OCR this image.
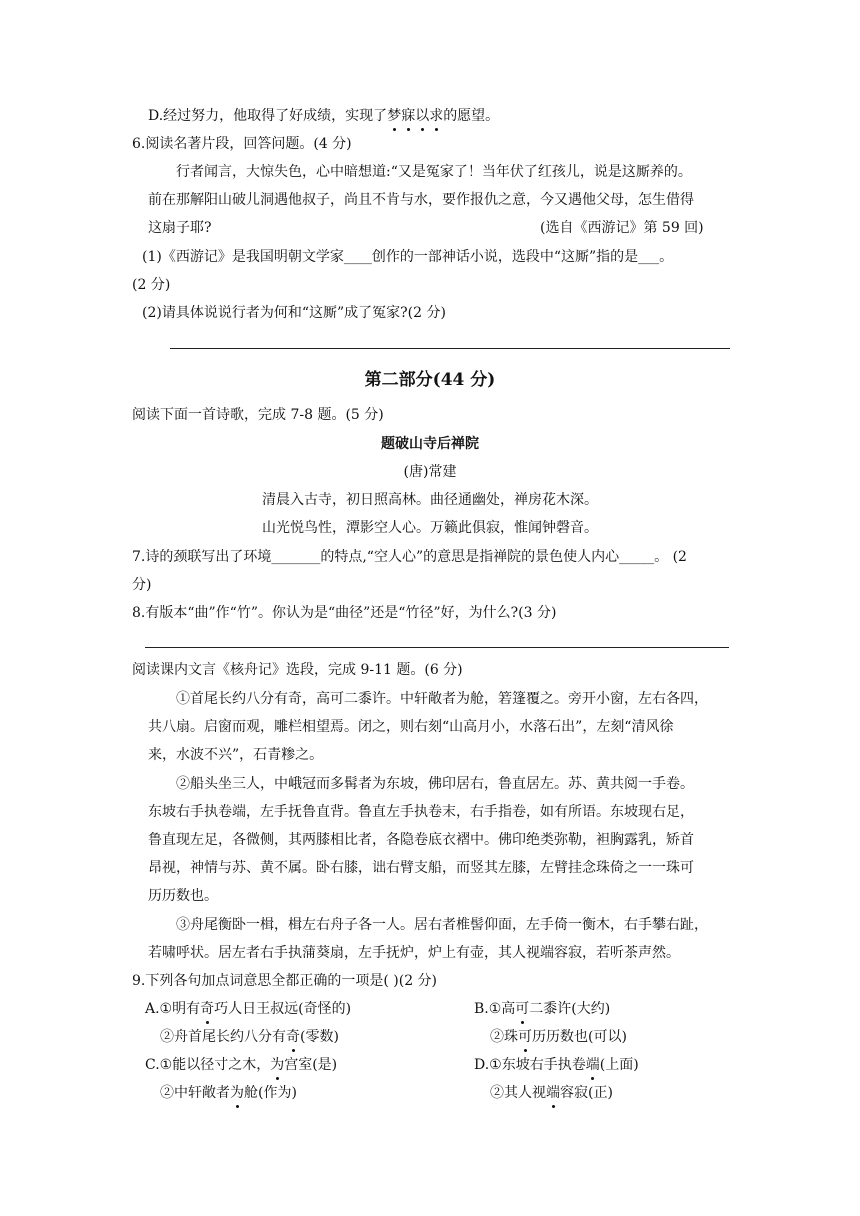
D.经过努力，他取得了好成绩，实现了梦寐以求的愿望。
6.阅读名著片段，回答问题。(4 分)
行者闻言，大惊失色，心中暗想道:“又是冤家了！当年伏了红孩儿，说是这厮养的。
前在那解阳山破儿洞遇他叔子，尚且不肯与水，要作报仇之意，今又遇他父母，怎生借得
这扇子耶?	(选自《西游记》第 59 回)
(1)《西游记》是我国明朝文学家____创作的一部神话小说，选段中“这厮”指的是___。
(2 分)
(2)请具体说说行者为何和“这厮”成了冤家?(2 分)
第二部分(44 分)
阅读下面一首诗歌，完成 7-8 题。(5 分)
题破山寺后禅院
(唐)常建
清晨入古寺，初日照高林。曲径通幽处，禅房花木深。
山光悦鸟性，潭影空人心。万籁此俱寂，惟闻钟磬音。
7.诗的颈联写出了环境_______的特点,“空人心”的意思是指禅院的景色使人内心_____。 (2
分)
8.有版本“曲”作“竹”。你认为是“曲径”还是“竹径”好，为什么?(3 分)
阅读课内文言《核舟记》选段，完成 9-11 题。(6 分)
①首尾长约八分有奇，高可二黍许。中轩敞者为舱，箬篷覆之。旁开小窗，左右各四，
共八扇。启窗而观，雕栏相望焉。闭之，则右刻“山高月小，水落石出”，左刻“清风徐
来，水波不兴”，石青糁之。
②船头坐三人，中峨冠而多髯者为东坡，佛印居右，鲁直居左。苏、黄共阅一手卷。
东坡右手执卷端，左手抚鲁直背。鲁直左手执卷末，右手指卷，如有所语。东坡现右足，
鲁直现左足，各微侧，其两膝相比者，各隐卷底衣褶中。佛印绝类弥勒，袒胸露乳，矫首
昂视，神情与苏、黄不属。卧右膝，诎右臂支船，而竖其左膝，左臂挂念珠倚之一一珠可
历历数也。
③舟尾衡卧一楫，楫左右舟子各一人。居右者椎髻仰面，左手倚一衡木，右手攀右趾，
若啸呼状。居左者右手执蒲葵扇，左手抚炉，炉上有壶，其人视端容寂，若听茶声然。
9.下列各句加点词意思全都正确的一项是( )(2 分)
A.①明有奇巧人日王叔远(奇怪的)	B.①高可二黍许(大约)
②舟首尾长约八分有奇(零数)	②珠可历历数也(可以)
C.①能以径寸之木，为宫室(是)	D.①东坡右手执卷端(上面)
②中轩敞者为舱(作为)	②其人视端容寂(正)
